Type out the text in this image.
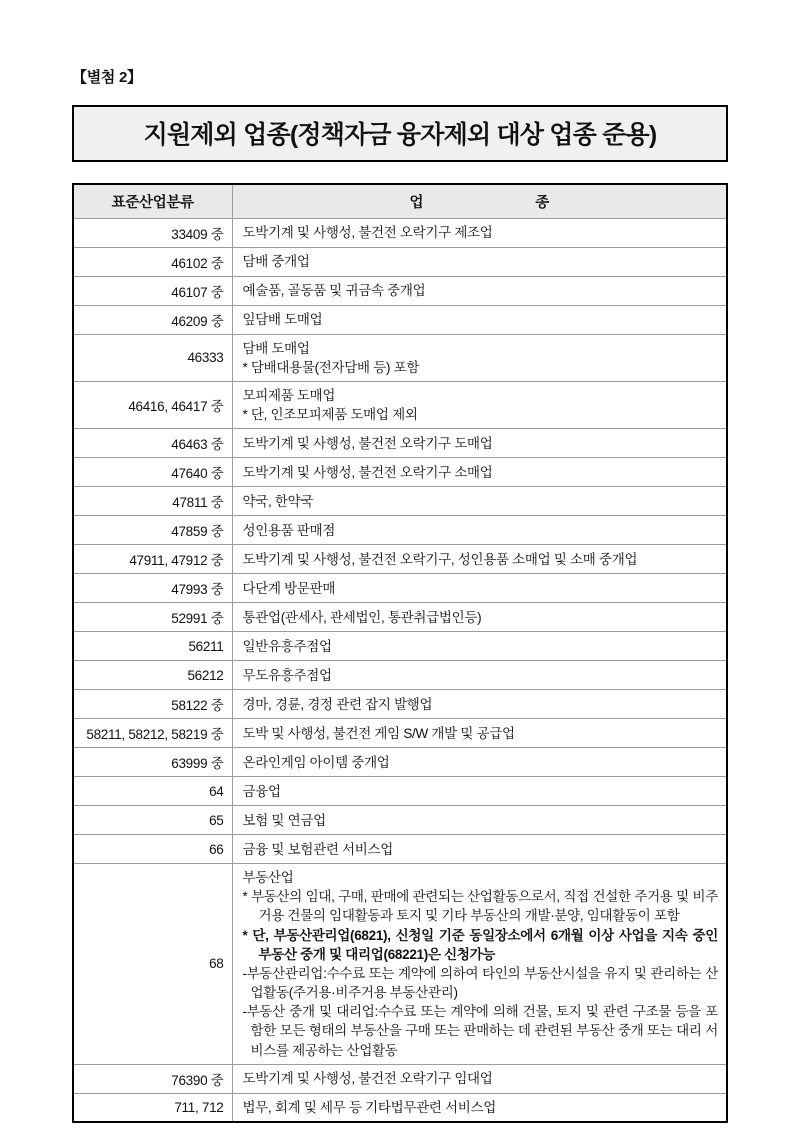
【별첨 2】
지원제외 업종(정책자금 융자제외 대상 업종 준용)
표준산업분류	업 종

33409 중	도박기계 및 사행성, 불건전 오락기구 제조업

46102 중	담배 중개업

46107 중	예술품, 골동품 및 귀금속 중개업

46209 중	잎담배 도매업

46333	담배 도매업
* 담배대용물(전자담배 등) 포함

46416, 46417 중	모피제품 도매업
* 단, 인조모피제품 도매업 제외

46463 중	도박기계 및 사행성, 불건전 오락기구 도매업

47640 중	도박기계 및 사행성, 불건전 오락기구 소매업

47811 중	약국, 한약국

47859 중	성인용품 판매점

47911, 47912 중	도박기계 및 사행성, 불건전 오락기구, 성인용품 소매업 및 소매 중개업

47993 중	다단계 방문판매

52991 중	통관업(관세사, 관세법인, 통관취급법인등)

56211	일반유흥주점업

56212	무도유흥주점업

58122 중	경마, 경륜, 경정 관련 잡지 발행업

58211, 58212, 58219 중	도박 및 사행성, 불건전 게임 S/W 개발 및 공급업

63999 중	온라인게임 아이템 중개업

64	금융업

65	보험 및 연금업

66	금융 및 보험관련 서비스업

68	부동산업
* 부동산의 임대, 구매, 판매에 관련되는 산업활동으로서, 직접 건설한 주거용 및 비주거용 건물의 임대활동과 토지 및 기타 부동산의 개발·분양, 임대활동이 포함
* 단, 부동산관리업(6821), 신청일 기준 동일장소에서 6개월 이상 사업을 지속 중인 부동산 중개 및 대리업(68221)은 신청가능
-부동산관리업:수수료 또는 계약에 의하여 타인의 부동산시설을 유지 및 관리하는 산업활동(주거용·비주거용 부동산관리)
-부동산 중개 및 대리업:수수료 또는 계약에 의해 건물, 토지 및 관련 구조물 등을 포함한 모든 형태의 부동산을 구매 또는 판매하는 데 관련된 부동산 중개 또는 대리 서비스를 제공하는 산업활동

76390 중	도박기계 및 사행성, 불건전 오락기구 임대업

711, 712	법무, 회계 및 세무 등 기타법무관련 서비스업
